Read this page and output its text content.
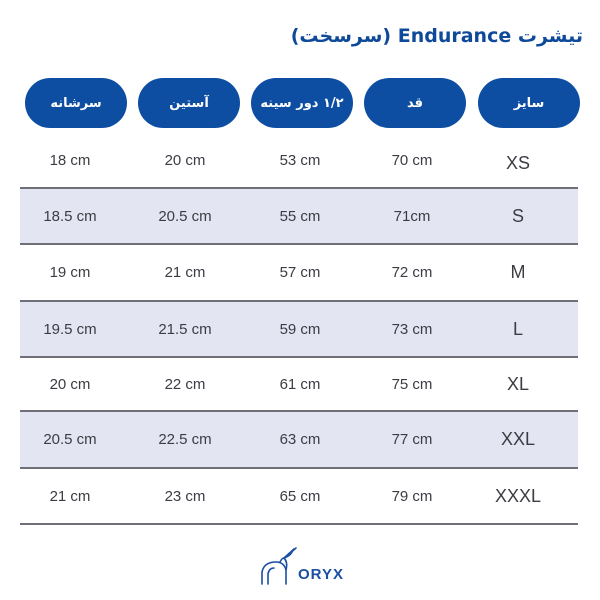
تیشرت Endurance (سرسخت)
سرشانه	آستین	۱/۲ دور سینه	قد	سایز
18 cm	20 cm	53 cm	70 cm	XS
18.5 cm	20.5 cm	55 cm	71cm	S
19 cm	21 cm	57 cm	72 cm	M
19.5 cm	21.5 cm	59 cm	73 cm	L
20 cm	22 cm	61 cm	75 cm	XL
20.5 cm	22.5 cm	63 cm	77 cm	XXL
21 cm	23 cm	65 cm	79 cm	XXXL
ORYX
